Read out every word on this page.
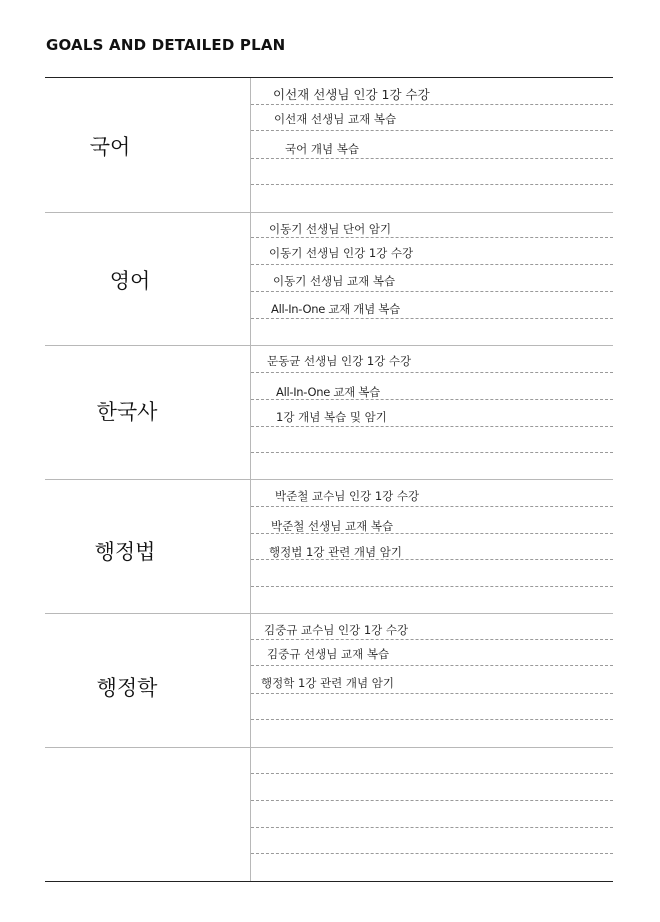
GOALS AND DETAILED PLAN
국어
이선재 선생님 인강 1강 수강
이선재 선생님 교재 복습
국어 개념 복습
영어
이동기 선생님 단어 암기
이동기 선생님 인강 1강 수강
이동기 선생님 교재 복습
All-In-One 교재 개념 복습
한국사
문동균 선생님 인강 1강 수강
All-In-One 교재 복습
1강 개념 복습 및 암기
행정법
박준철 교수님 인강 1강 수강
박준철 선생님 교재 복습
행정법 1강 관련 개념 암기
행정학
김중규 교수님 인강 1강 수강
김중규 선생님 교재 복습
행정학 1강 관련 개념 암기
